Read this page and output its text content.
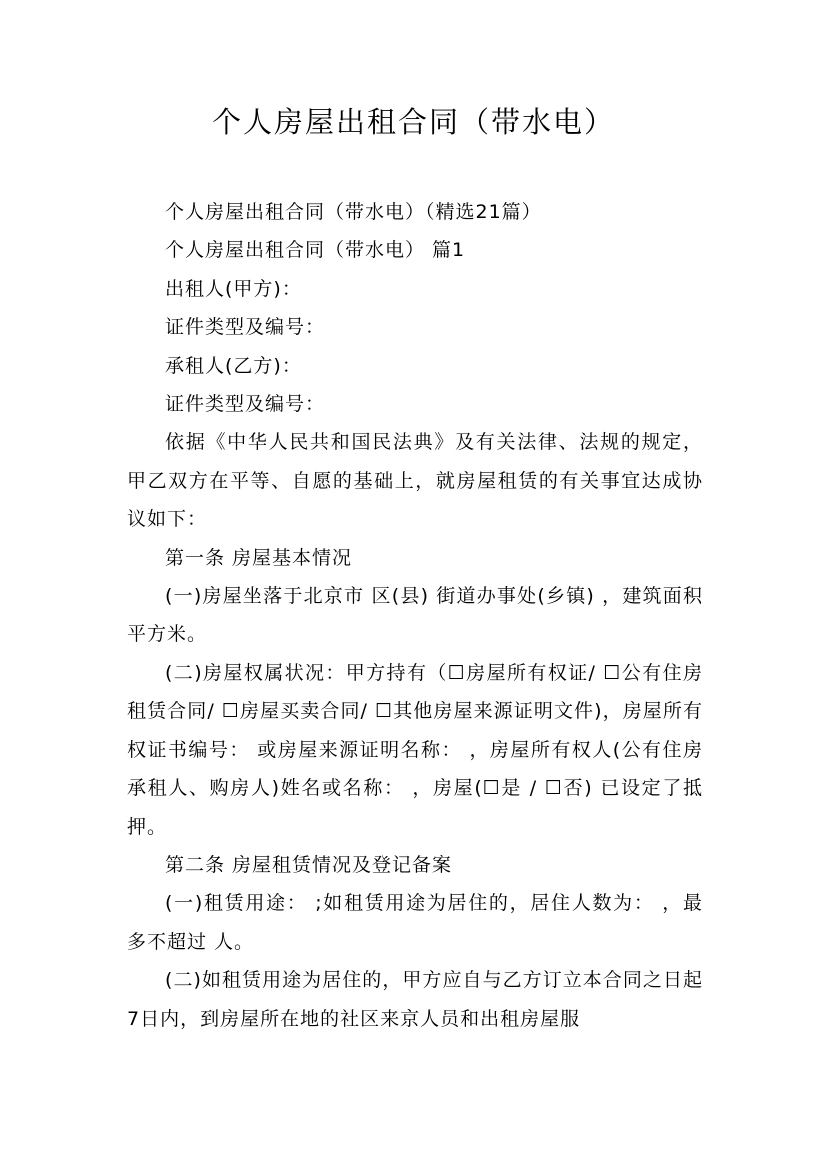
个人房屋出租合同（带水电）

个人房屋出租合同（带水电）（精选21篇）

个人房屋出租合同（带水电） 篇1

出租人(甲方)：

证件类型及编号：

承租人(乙方)：

证件类型及编号：

依据《中华人民共和国民法典》及有关法律、法规的规定，甲乙双方在平等、自愿的基础上，就房屋租赁的有关事宜达成协议如下：

第一条 房屋基本情况

(一)房屋坐落于北京市 区(县) 街道办事处(乡镇) ，建筑面积 平方米。

(二)房屋权属状况：甲方持有（☐房屋所有权证/ ☐公有住房租赁合同/ ☐房屋买卖合同/ ☐其他房屋来源证明文件)，房屋所有权证书编号： 或房屋来源证明名称： ，房屋所有权人(公有住房承租人、购房人)姓名或名称： ，房屋(☐是 / ☐否) 已设定了抵押。

第二条 房屋租赁情况及登记备案

(一)租赁用途： ;如租赁用途为居住的，居住人数为： ，最多不超过 人。

(二)如租赁用途为居住的，甲方应自与乙方订立本合同之日起7日内，到房屋所在地的社区来京人员和出租房屋服
